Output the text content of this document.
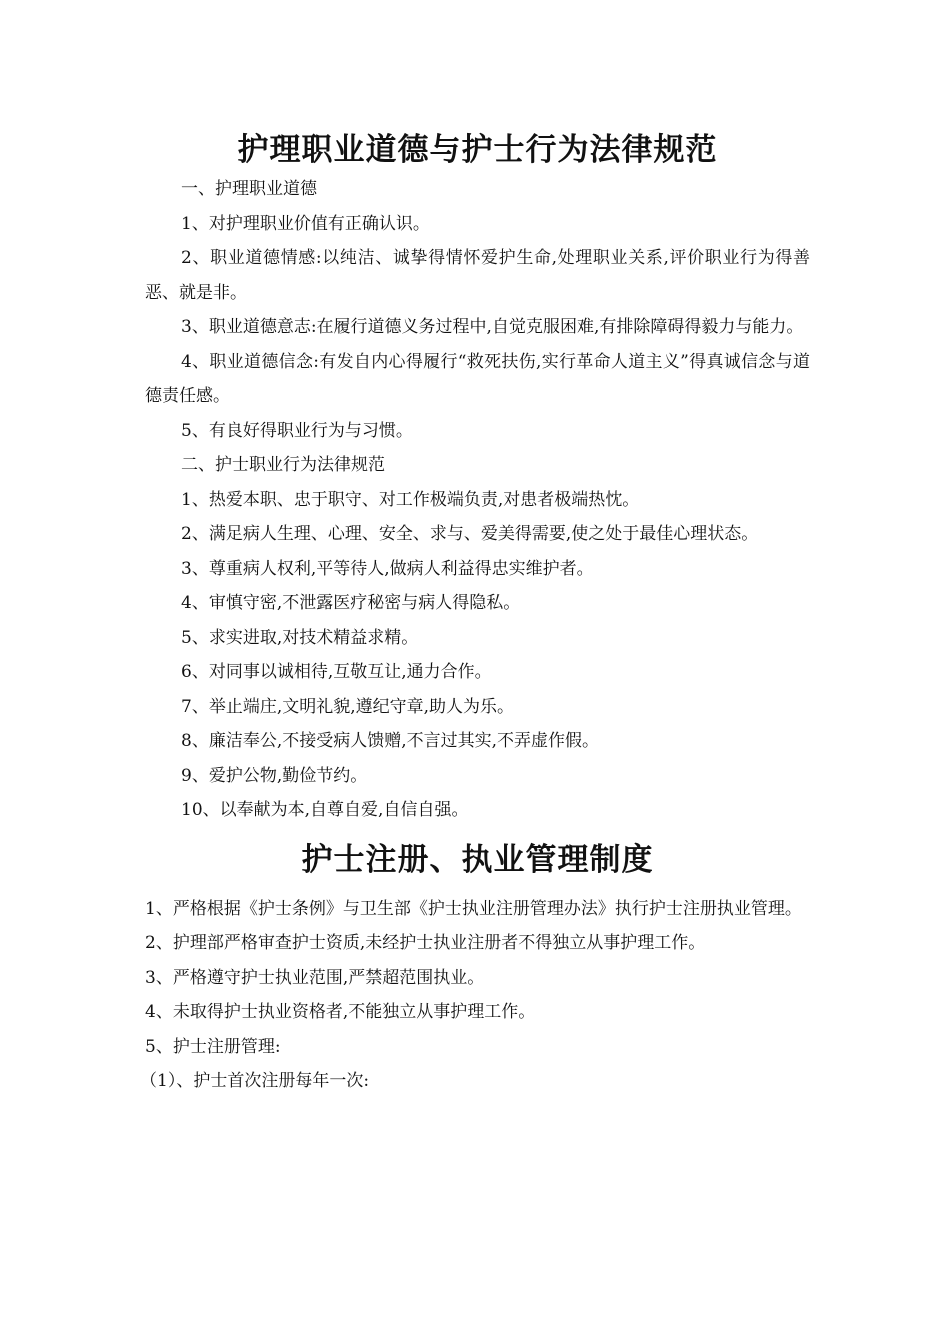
护理职业道德与护士行为法律规范

一、护理职业道德

1、对护理职业价值有正确认识。

2、职业道德情感:以纯洁、诚挚得情怀爱护生命,处理职业关系,评价职业行为得善恶、就是非。

3、职业道德意志:在履行道德义务过程中,自觉克服困难,有排除障碍得毅力与能力。

4、职业道德信念:有发自内心得履行“救死扶伤,实行革命人道主义”得真诚信念与道德责任感。

5、有良好得职业行为与习惯。

二、护士职业行为法律规范

1、热爱本职、忠于职守、对工作极端负责,对患者极端热忱。

2、满足病人生理、心理、安全、求与、爱美得需要,使之处于最佳心理状态。

3、尊重病人权利,平等待人,做病人利益得忠实维护者。

4、审慎守密,不泄露医疗秘密与病人得隐私。

5、求实进取,对技术精益求精。

6、对同事以诚相待,互敬互让,通力合作。

7、举止端庄,文明礼貌,遵纪守章,助人为乐。

8、廉洁奉公,不接受病人馈赠,不言过其实,不弄虚作假。

9、爱护公物,勤俭节约。

10、以奉献为本,自尊自爱,自信自强。

护士注册、执业管理制度

1、严格根据《护士条例》与卫生部《护士执业注册管理办法》执行护士注册执业管理。

2、护理部严格审查护士资质,未经护士执业注册者不得独立从事护理工作。

3、严格遵守护士执业范围,严禁超范围执业。

4、未取得护士执业资格者,不能独立从事护理工作。

5、护士注册管理:

（1）、护士首次注册每年一次:
